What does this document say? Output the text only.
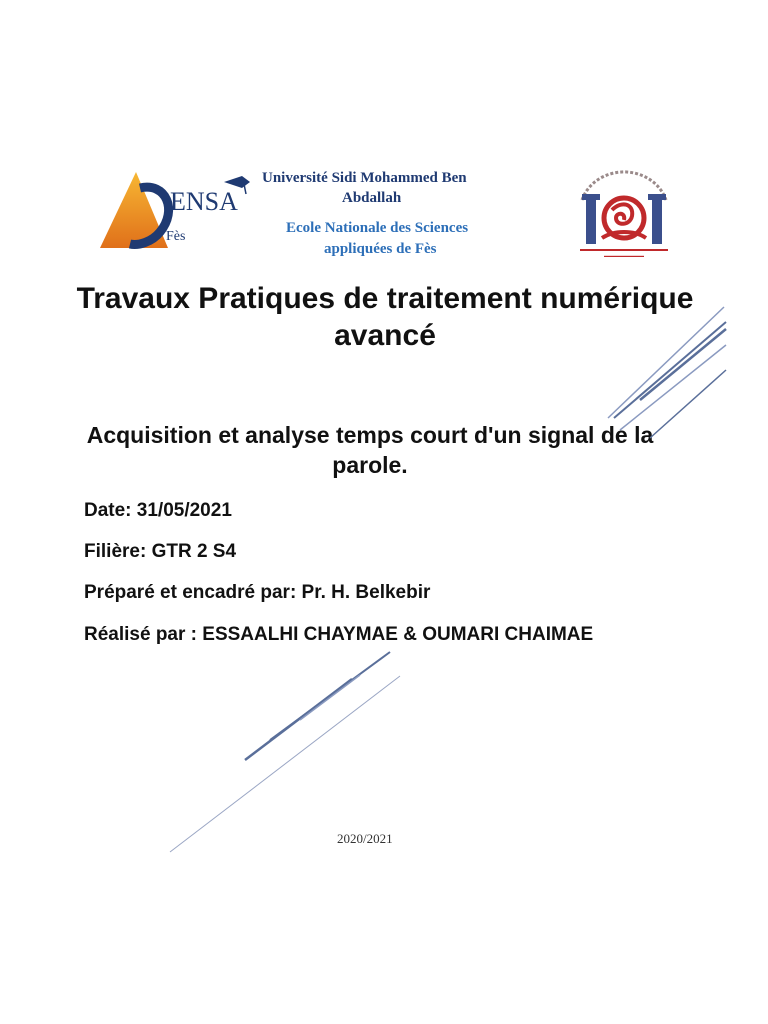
ENSA
Fès
Université Sidi Mohammed Ben
Abdallah
Ecole Nationale des Sciences
appliquées de Fès	▬▬▬▬▬▬▬▬▬▬
Travaux Pratiques de traitement numérique avancé
Acquisition et analyse temps court d'un signal de la parole.
Date: 31/05/2021
Filière: GTR 2 S4
Préparé et encadré par: Pr. H. Belkebir
Réalisé par : ESSAALHI CHAYMAE & OUMARI CHAIMAE
2020/2021
